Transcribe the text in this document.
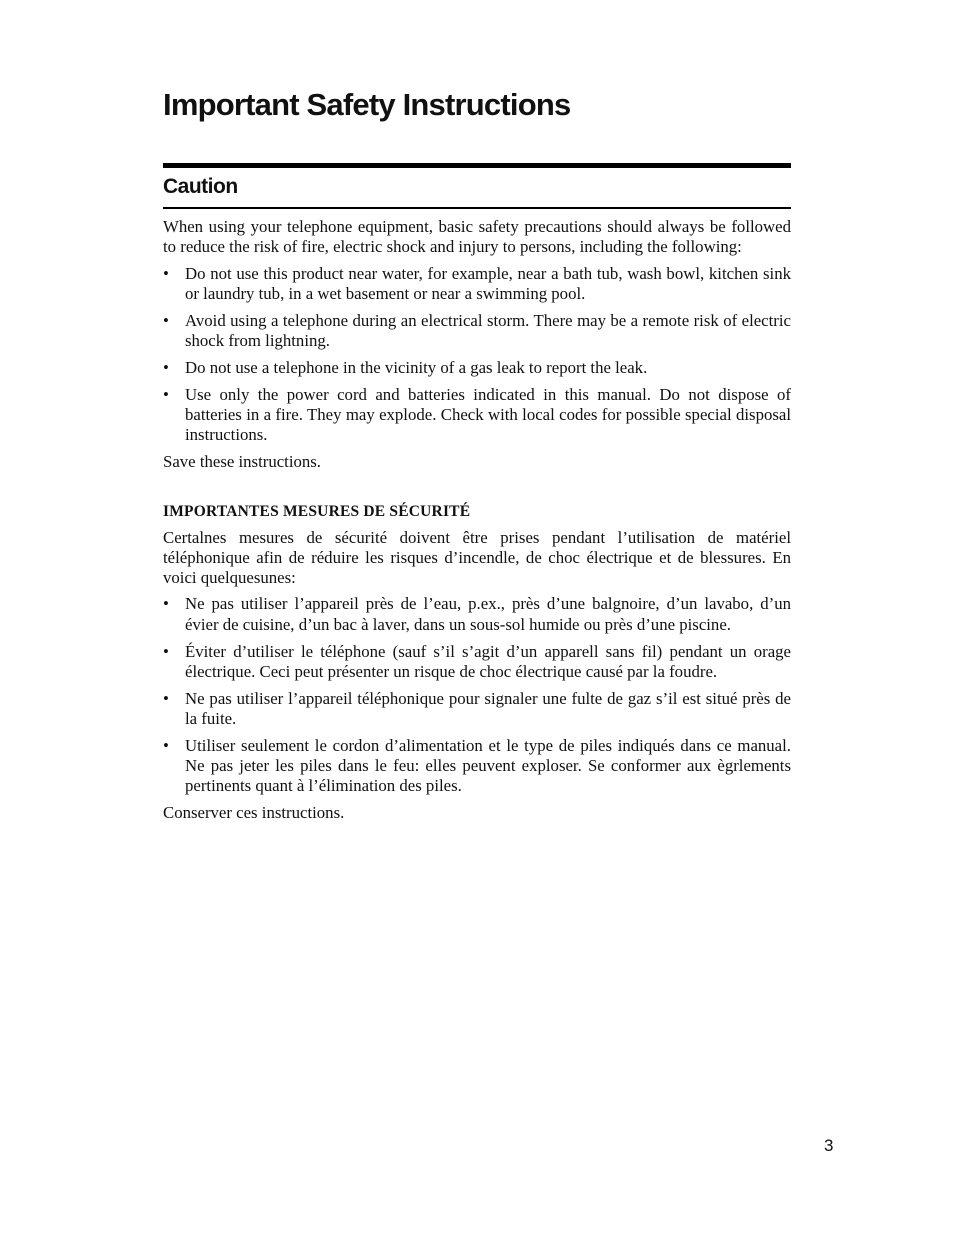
Important Safety Instructions
Caution

When using your telephone equipment, basic safety precautions should always be followed to reduce the risk of fire, electric shock and injury to persons, including the following:

• Do not use this product near water, for example, near a bath tub, wash bowl, kitchen sink or laundry tub, in a wet basement or near a swimming pool.
• Avoid using a telephone during an electrical storm. There may be a remote risk of electric shock from lightning.
• Do not use a telephone in the vicinity of a gas leak to report the leak.
• Use only the power cord and batteries indicated in this manual. Do not dispose of batteries in a fire. They may explode. Check with local codes for possible special disposal instructions.

Save these instructions.

IMPORTANTES MESURES DE SÉCURITÉ

Certalnes mesures de sécurité doivent être prises pendant l’utilisation de matériel téléphonique afin de réduire les risques d’incendle, de choc électrique et de blessures. En voici quelquesunes:

• Ne pas utiliser l’appareil près de l’eau, p.ex., près d’une balgnoire, d’un lavabo, d’un évier de cuisine, d’un bac à laver, dans un sous-sol humide ou près d’une piscine.
• Éviter d’utiliser le téléphone (sauf s’il s’agit d’un apparell sans fil) pendant un orage électrique. Ceci peut présenter un risque de choc électrique causé par la foudre.
• Ne pas utiliser l’appareil téléphonique pour signaler une fulte de gaz s’il est situé près de la fuite.
• Utiliser seulement le cordon d’alimentation et le type de piles indiqués dans ce manual. Ne pas jeter les piles dans le feu: elles peuvent exploser. Se conformer aux ègrlements pertinents quant à l’élimination des piles.

Conserver ces instructions.

3
